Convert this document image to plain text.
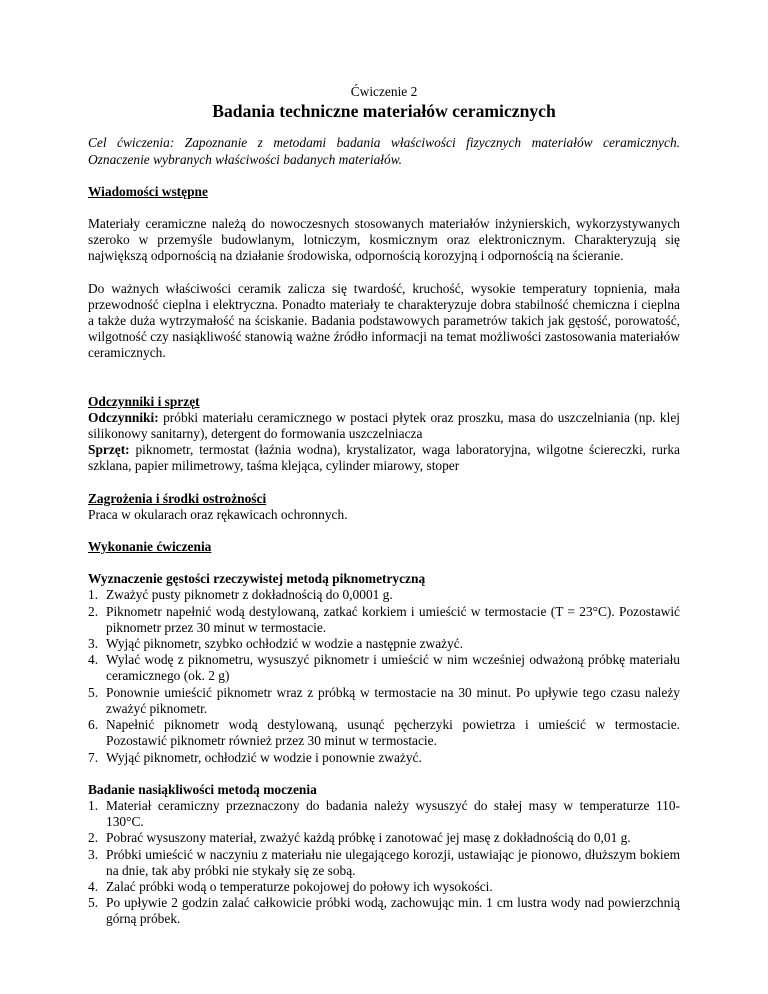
Ćwiczenie 2
Badania techniczne materiałów ceramicznych

Cel ćwiczenia: Zapoznanie z metodami badania właściwości fizycznych materiałów ceramicznych. Oznaczenie wybranych właściwości badanych materiałów.

Wiadomości wstępne

Materiały ceramiczne należą do nowoczesnych stosowanych materiałów inżynierskich, wykorzystywanych szeroko w przemyśle budowlanym, lotniczym, kosmicznym oraz elektronicznym. Charakteryzują się największą odpornością na działanie środowiska, odpornością korozyjną i odpornością na ścieranie.

Do ważnych właściwości ceramik zalicza się twardość, kruchość, wysokie temperatury topnienia, mała przewodność cieplna i elektryczna. Ponadto materiały te charakteryzuje dobra stabilność chemiczna i cieplna a także duża wytrzymałość na ściskanie. Badania podstawowych parametrów takich jak gęstość, porowatość, wilgotność czy nasiąkliwość stanowią ważne źródło informacji na temat możliwości zastosowania materiałów ceramicznych.

Odczynniki i sprzęt

Odczynniki: próbki materiału ceramicznego w postaci płytek oraz proszku, masa do uszczelniania (np. klej silikonowy sanitarny), detergent do formowania uszczelniacza

Sprzęt: piknometr, termostat (łaźnia wodna), krystalizator, waga laboratoryjna, wilgotne ściereczki, rurka szklana, papier milimetrowy, taśma klejąca, cylinder miarowy, stoper

Zagrożenia i środki ostrożności

Praca w okularach oraz rękawicach ochronnych.

Wykonanie ćwiczenia
Wyznaczenie gęstości rzeczywistej metodą piknometryczną
1. Zważyć pusty piknometr z dokładnością do 0,0001 g.
2. Piknometr napełnić wodą destylowaną, zatkać korkiem i umieścić w termostacie (T = 23°C). Pozostawić piknometr przez 30 minut w termostacie.
3. Wyjąć piknometr, szybko ochłodzić w wodzie a następnie zważyć.
4. Wylać wodę z piknometru, wysuszyć piknometr i umieścić w nim wcześniej odważoną próbkę materiału ceramicznego (ok. 2 g)
5. Ponownie umieścić piknometr wraz z próbką w termostacie na 30 minut. Po upływie tego czasu należy zważyć piknometr.
6. Napełnić piknometr wodą destylowaną, usunąć pęcherzyki powietrza i umieścić w termostacie. Pozostawić piknometr również przez 30 minut w termostacie.
7. Wyjąć piknometr, ochłodzić w wodzie i ponownie zważyć.
Badanie nasiąkliwości metodą moczenia
1. Materiał ceramiczny przeznaczony do badania należy wysuszyć do stałej masy w temperaturze 110-130°C.
2. Pobrać wysuszony materiał, zważyć każdą próbkę i zanotować jej masę z dokładnością do 0,01 g.
3. Próbki umieścić w naczyniu z materiału nie ulegającego korozji, ustawiając je pionowo, dłuższym bokiem na dnie, tak aby próbki nie stykały się ze sobą.
4. Zalać próbki wodą o temperaturze pokojowej do połowy ich wysokości.
5. Po upływie 2 godzin zalać całkowicie próbki wodą, zachowując min. 1 cm lustra wody nad powierzchnią górną próbek.
